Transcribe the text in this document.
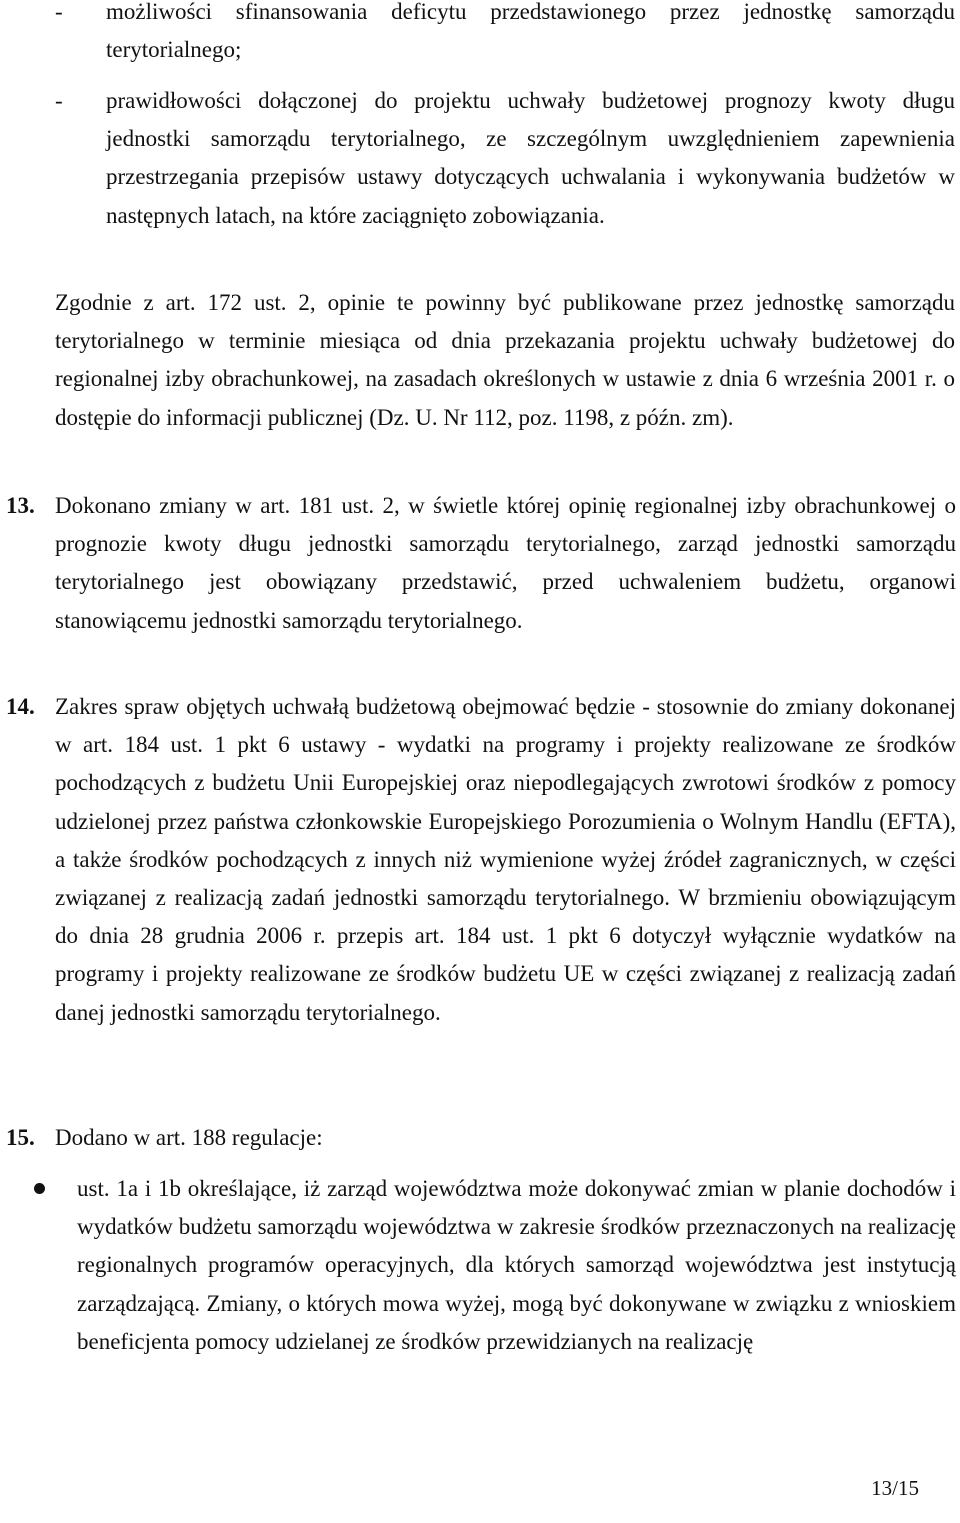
- możliwości sfinansowania deficytu przedstawionego przez jednostkę samorządu terytorialnego;

- prawidłowości dołączonej do projektu uchwały budżetowej prognozy kwoty długu jednostki samorządu terytorialnego, ze szczególnym uwzględnieniem zapewnienia przestrzegania przepisów ustawy dotyczących uchwalania i wykonywania budżetów w następnych latach, na które zaciągnięto zobowiązania.

Zgodnie z art. 172 ust. 2, opinie te powinny być publikowane przez jednostkę samorządu terytorialnego w terminie miesiąca od dnia przekazania projektu uchwały budżetowej do regionalnej izby obrachunkowej, na zasadach określonych w ustawie z dnia 6 września 2001 r. o dostępie do informacji publicznej (Dz. U. Nr 112, poz. 1198, z późn. zm).

13. Dokonano zmiany w art. 181 ust. 2, w świetle której opinię regionalnej izby obrachunkowej o prognozie kwoty długu jednostki samorządu terytorialnego, zarząd jednostki samorządu terytorialnego jest obowiązany przedstawić, przed uchwaleniem budżetu, organowi stanowiącemu jednostki samorządu terytorialnego.

14. Zakres spraw objętych uchwałą budżetową obejmować będzie - stosownie do zmiany dokonanej w art. 184 ust. 1 pkt 6 ustawy - wydatki na programy i projekty realizowane ze środków pochodzących z budżetu Unii Europejskiej oraz niepodlegających zwrotowi środków z pomocy udzielonej przez państwa członkowskie Europejskiego Porozumienia o Wolnym Handlu (EFTA), a także środków pochodzących z innych niż wymienione wyżej źródeł zagranicznych, w części związanej z realizacją zadań jednostki samorządu terytorialnego. W brzmieniu obowiązującym do dnia 28 grudnia 2006 r. przepis art. 184 ust. 1 pkt 6 dotyczył wyłącznie wydatków na programy i projekty realizowane ze środków budżetu UE w części związanej z realizacją zadań danej jednostki samorządu terytorialnego.

15. Dodano w art. 188 regulacje:

ust. 1a i 1b określające, iż zarząd województwa może dokonywać zmian w planie dochodów i wydatków budżetu samorządu województwa w zakresie środków przeznaczonych na realizację regionalnych programów operacyjnych, dla których samorząd województwa jest instytucją zarządzającą. Zmiany, o których mowa wyżej, mogą być dokonywane w związku z wnioskiem beneficjenta pomocy udzielanej ze środków przewidzianych na realizację

13/15
